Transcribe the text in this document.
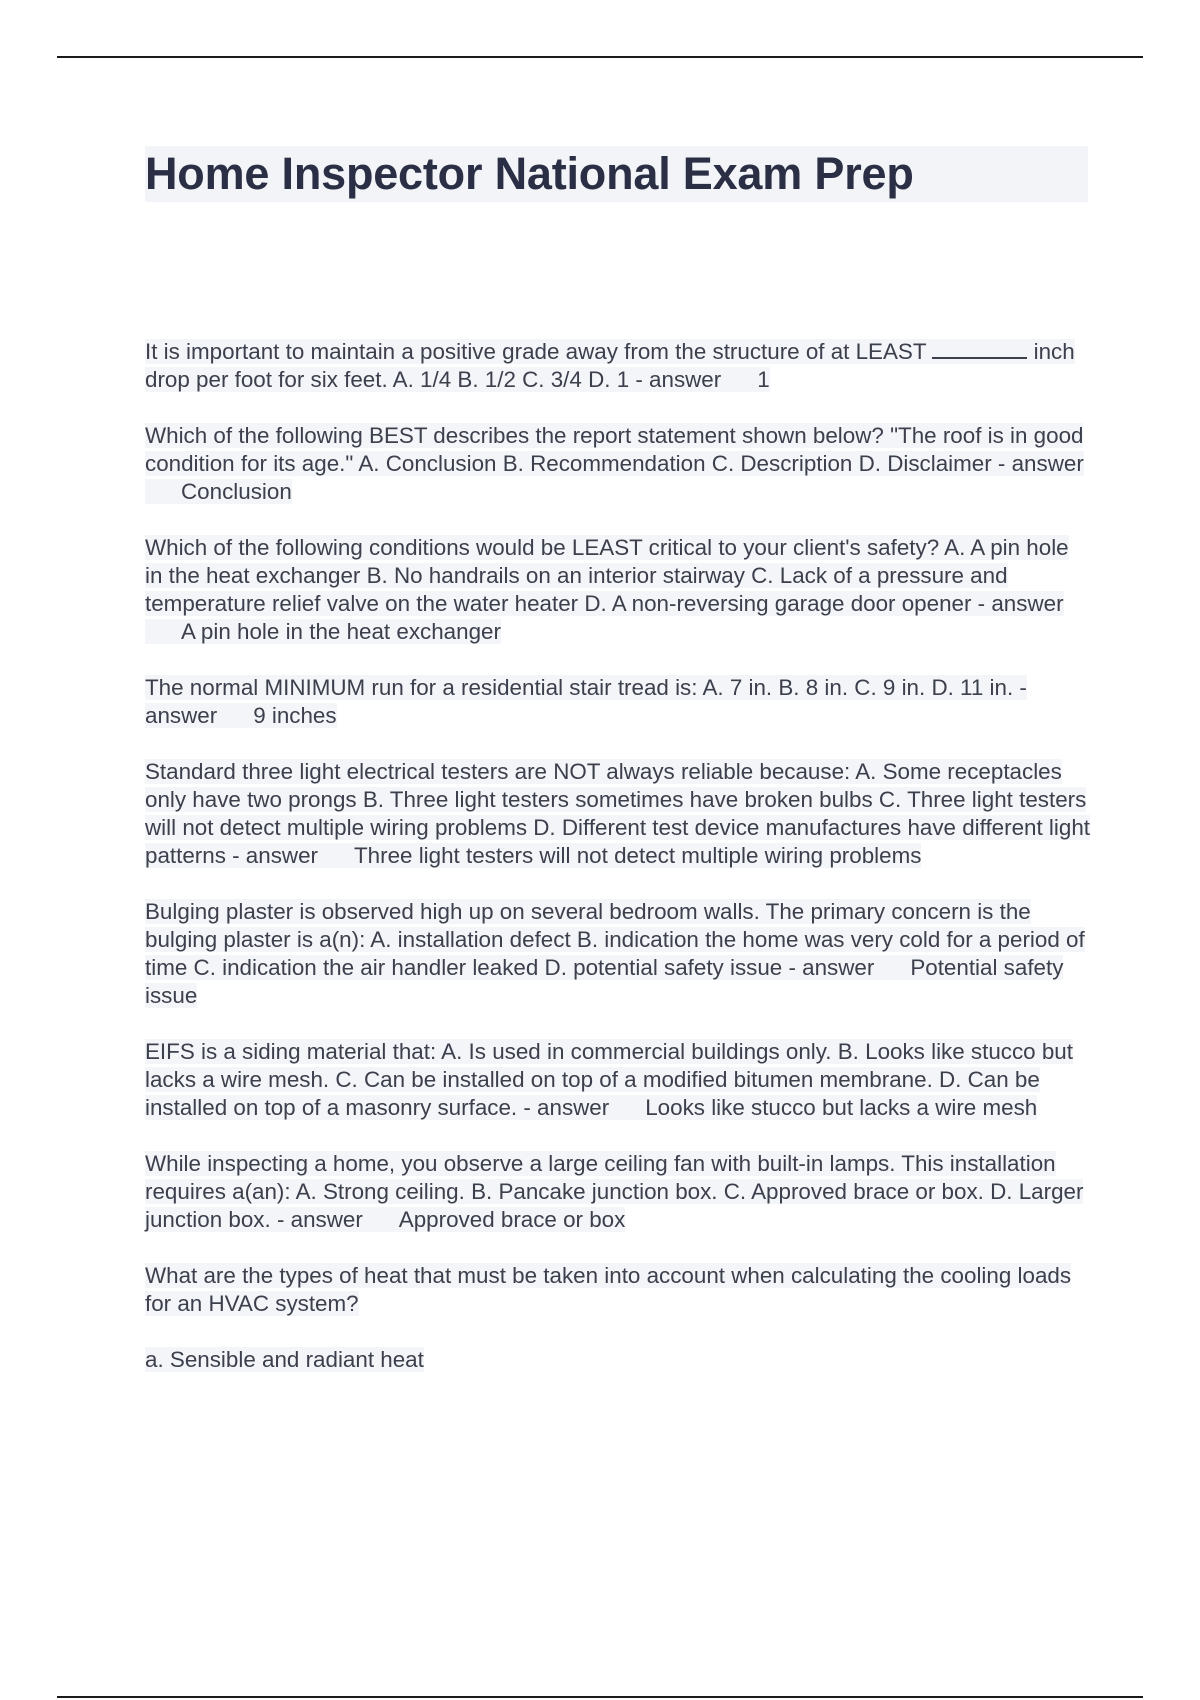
Home Inspector National Exam Prep

It is important to maintain a positive grade away from the structure of at LEAST	inch drop per foot for six feet. A. 1/4 B. 1/2 C. 3/4 D. 1 - answer 1

Which of the following BEST describes the report statement shown below? "The roof is in good condition for its age." A. Conclusion B. Recommendation C. Description D. Disclaimer - answerConclusion

Which of the following conditions would be LEAST critical to your client's safety? A. A pin hole in the heat exchanger B. No handrails on an interior stairway C. Lack of a pressure and temperature relief valve on the water heater D. A non-reversing garage door opener - answerA pin hole in the heat exchanger

The normal MINIMUM run for a residential stair tread is: A. 7 in. B. 8 in. C. 9 in. D. 11 in. - answer 9 inches

Standard three light electrical testers are NOT always reliable because: A. Some receptacles only have two prongs B. Three light testers sometimes have broken bulbs C. Three light testers will not detect multiple wiring problems D. Different test device manufactures have different light patterns - answer Three light testers will not detect multiple wiring problems

Bulging plaster is observed high up on several bedroom walls. The primary concern is the bulging plaster is a(n): A. installation defect B. indication the home was very cold for a period of time C. indication the air handler leaked D. potential safety issue - answer Potential safety issue

EIFS is a siding material that: A. Is used in commercial buildings only. B. Looks like stucco but lacks a wire mesh. C. Can be installed on top of a modified bitumen membrane. D. Can be installed on top of a masonry surface. - answer Looks like stucco but lacks a wire mesh

While inspecting a home, you observe a large ceiling fan with built-in lamps. This installation requires a(an): A. Strong ceiling. B. Pancake junction box. C. Approved brace or box. D. Larger junction box. - answer Approved brace or box

What are the types of heat that must be taken into account when calculating the cooling loads for an HVAC system?

a. Sensible and radiant heat
